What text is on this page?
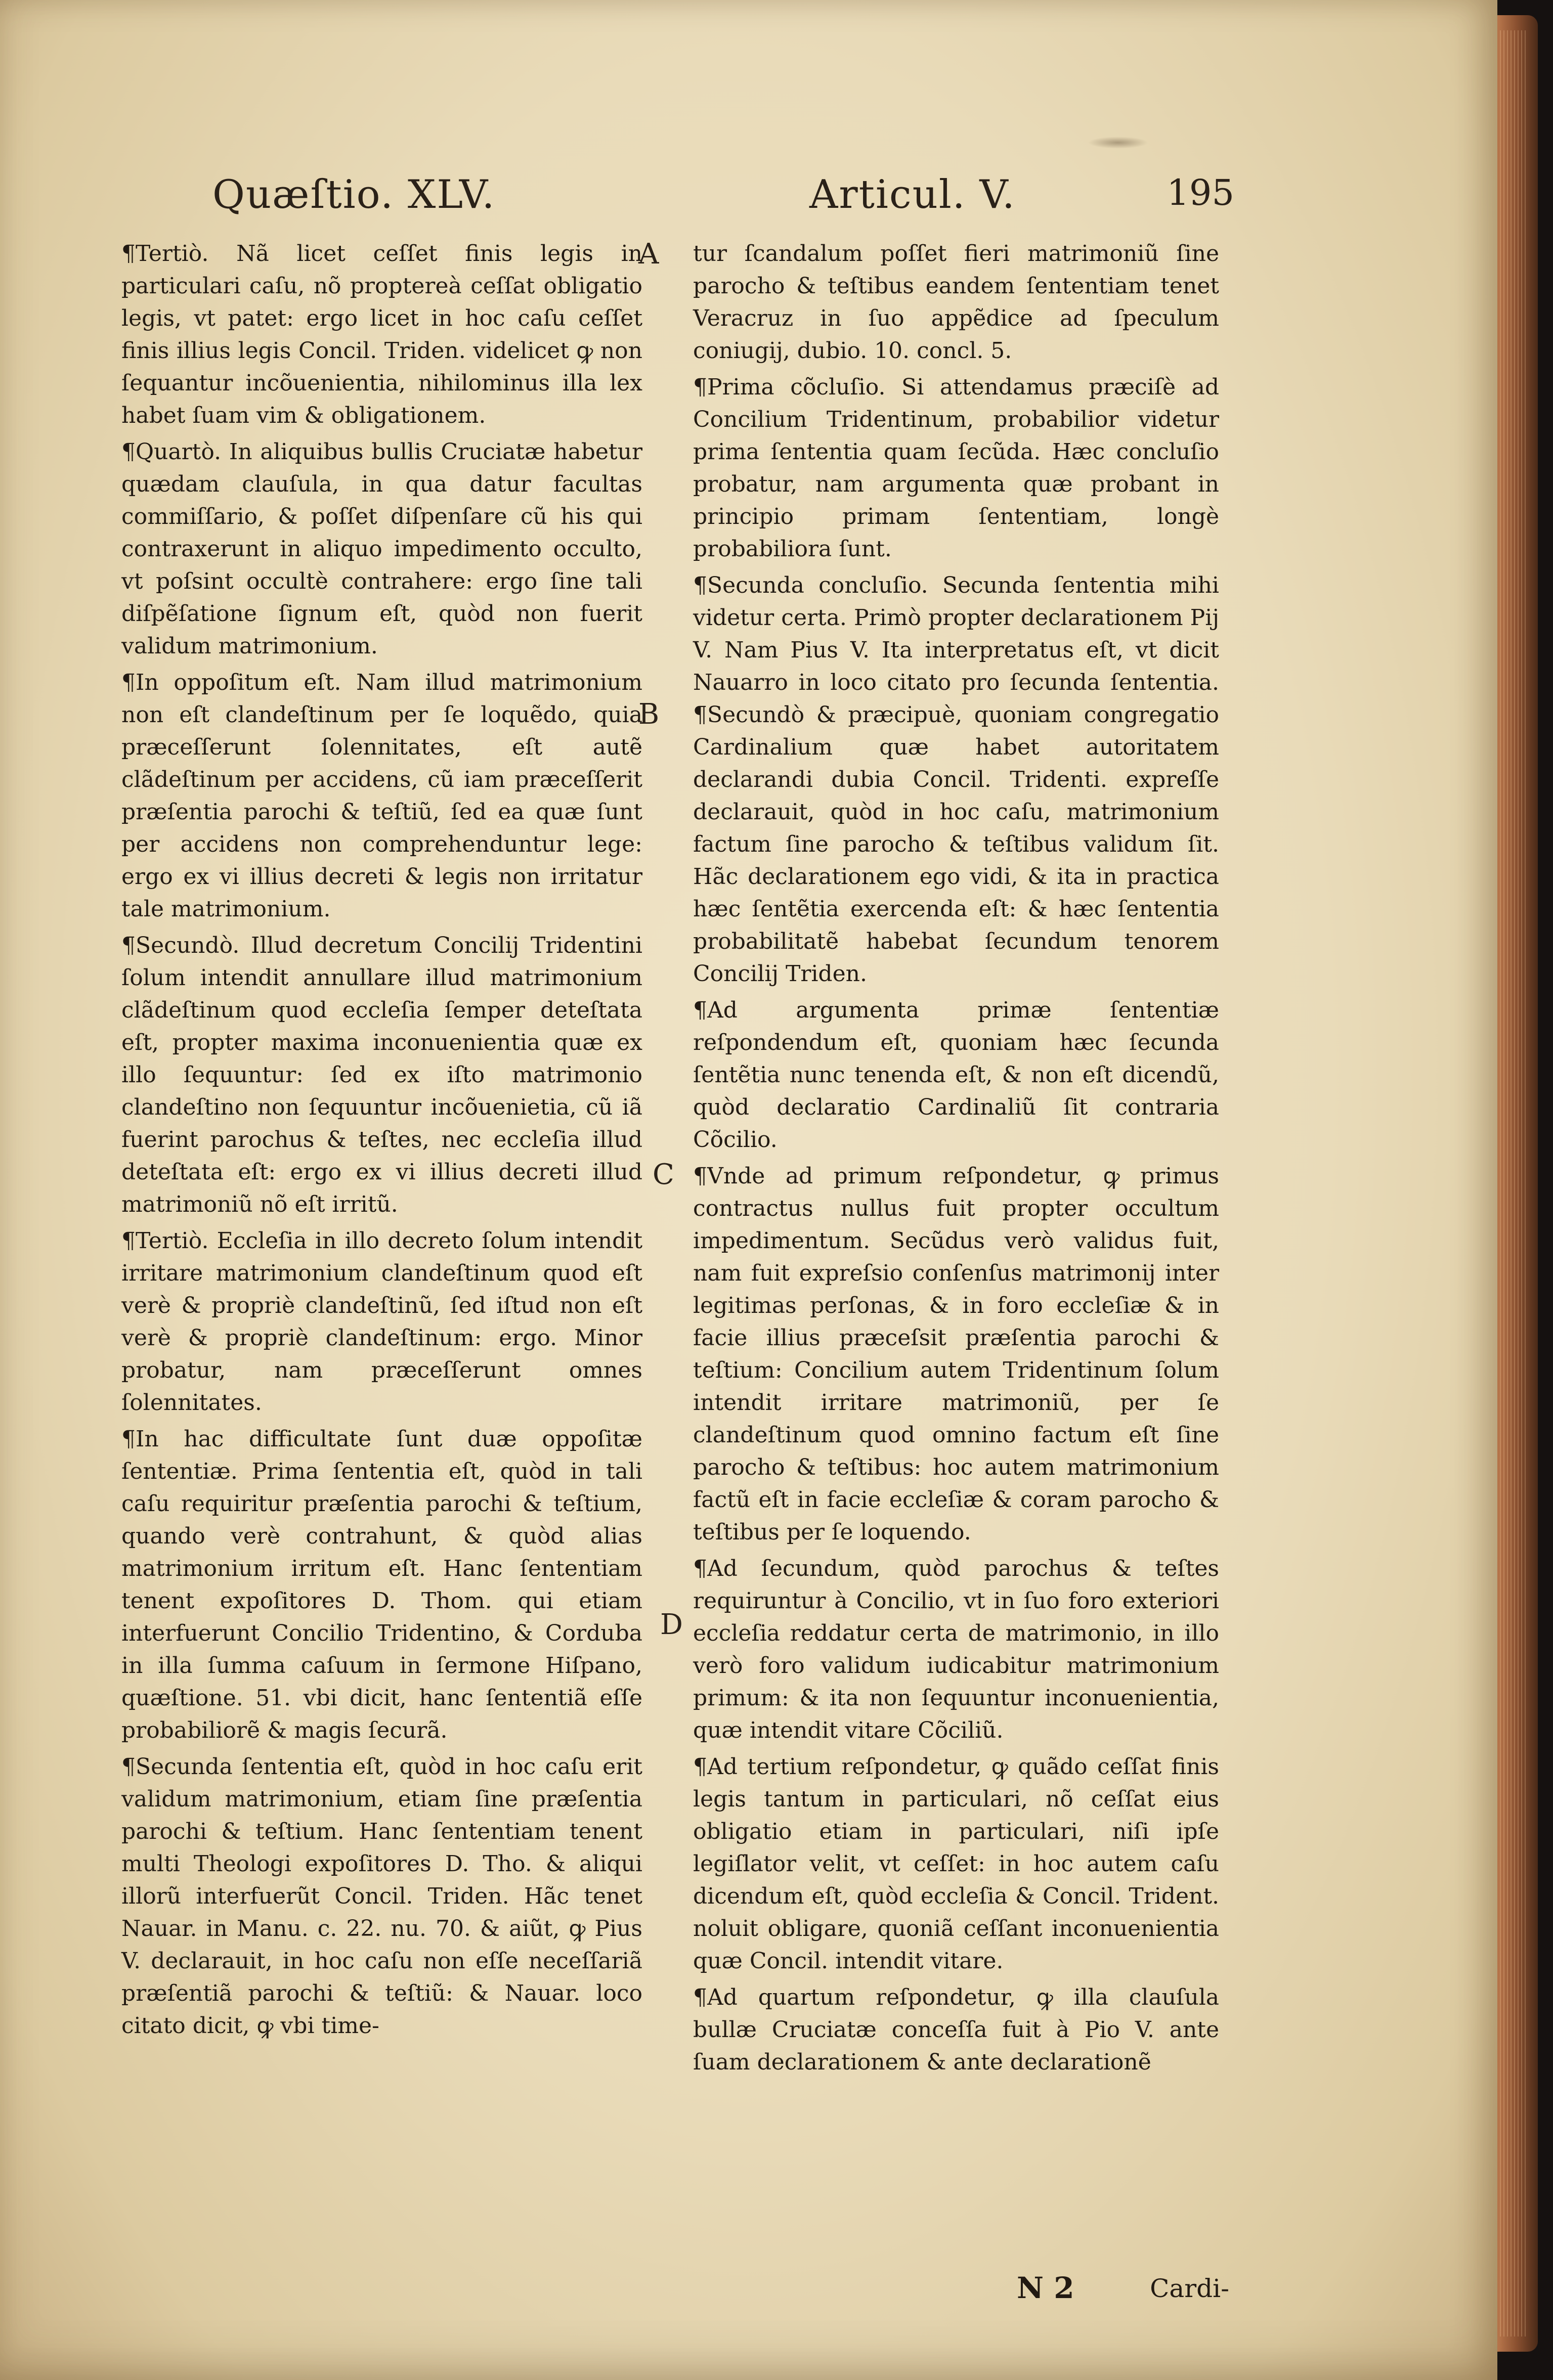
Quæſtio. XLV.	Articul. V.	195

¶Tertiò. Nã licet ceſſet finis legis in particulari caſu, nõ proptereà ceſſat obligatio legis, vt patet: ergo licet in hoc caſu ceſſet finis illius legis Concil. Triden. videlicet ꝙ non ſequantur incõuenientia, nihilominus illa lex habet ſuam vim & obligationem.

¶Quartò. In aliquibus bullis Cruciatæ habetur quædam clauſula, in qua datur facultas commiſſario, & poſſet diſpenſare cũ his qui contraxerunt in aliquo impedimento occulto, vt poſsint occultè contrahere: ergo ſine tali diſpẽſatione ſignum eſt, quòd non fuerit validum matrimonium.

¶In oppoſitum eſt. Nam illud matrimonium non eſt clandeſtinum per ſe loquẽdo, quia præceſſerunt ſolennitates, eſt autẽ clãdeſtinum per accidens, cũ iam præceſſerit præſentia parochi & teſtiũ, ſed ea quæ ſunt per accidens non comprehenduntur lege: ergo ex vi illius decreti & legis non irritatur tale matrimonium.

¶Secundò. Illud decretum Concilij Tridentini ſolum intendit annullare illud matrimonium clãdeſtinum quod eccleſia ſemper deteſtata eſt, propter maxima inconuenientia quæ ex illo ſequuntur: ſed ex iſto matrimonio clandeſtino non ſequuntur incõuenietia, cũ iã fuerint parochus & teſtes, nec eccleſia illud deteſtata eſt: ergo ex vi illius decreti illud matrimoniũ nõ eſt irritũ.

¶Tertiò. Eccleſia in illo decreto ſolum intendit irritare matrimonium clandeſtinum quod eſt verè & propriè clandeſtinũ, ſed iſtud non eſt verè & propriè clandeſtinum: ergo. Minor probatur, nam præceſſerunt omnes ſolennitates.

¶In hac difficultate ſunt duæ oppoſitæ ſententiæ. Prima ſententia eſt, quòd in tali caſu requiritur præſentia parochi & teſtium, quando verè contrahunt, & quòd alias matrimonium irritum eſt. Hanc ſententiam tenent expoſitores D. Thom. qui etiam interfuerunt Concilio Tridentino, & Corduba in illa ſumma caſuum in ſermone Hiſpano, quæſtione. 51. vbi dicit, hanc ſententiã eſſe probabiliorẽ & magis ſecurã.

¶Secunda ſententia eſt, quòd in hoc caſu erit validum matrimonium, etiam ſine præſentia parochi & teſtium. Hanc ſententiam tenent multi Theologi expoſitores D. Tho. & aliqui illorũ interfuerũt Concil. Triden. Hãc tenet Nauar. in Manu. c. 22. nu. 70. & aiũt, ꝙ Pius V. declarauit, in hoc caſu non eſſe neceſſariã præſentiã parochi & teſtiũ: & Nauar. loco citato dicit, ꝙ vbi time-

A
B
C
D

tur ſcandalum poſſet fieri matrimoniũ ſine parocho & teſtibus eandem ſententiam tenet Veracruz in ſuo appẽdice ad ſpeculum coniugij, dubio. 10. concl. 5.

¶Prima cõcluſio. Si attendamus præciſè ad Concilium Tridentinum, probabilior videtur prima ſententia quam ſecũda. Hæc concluſio probatur, nam argumenta quæ probant in principio primam ſententiam, longè probabiliora ſunt.

¶Secunda concluſio. Secunda ſententia mihi videtur certa. Primò propter declarationem Pij V. Nam Pius V. Ita interpretatus eſt, vt dicit Nauarro in loco citato pro ſecunda ſententia. ¶Secundò & præcipuè, quoniam congregatio Cardinalium quæ habet autoritatem declarandi dubia Concil. Tridenti. expreſſe declarauit, quòd in hoc caſu, matrimonium factum ſine parocho & teſtibus validum ſit. Hãc declarationem ego vidi, & ita in practica hæc ſentẽtia exercenda eſt: & hæc ſententia probabilitatẽ habebat ſecundum tenorem Concilij Triden.

¶Ad argumenta primæ ſententiæ reſpondendum eſt, quoniam hæc ſecunda ſentẽtia nunc tenenda eſt, & non eſt dicendũ, quòd declaratio Cardinaliũ ſit contraria Cõcilio.

¶Vnde ad primum reſpondetur, ꝙ primus contractus nullus fuit propter occultum impedimentum. Secũdus verò validus fuit, nam fuit expreſsio conſenſus matrimonij inter legitimas perſonas, & in foro eccleſiæ & in facie illius præceſsit præſentia parochi & teſtium: Concilium autem Tridentinum ſolum intendit irritare matrimoniũ, per ſe clandeſtinum quod omnino factum eſt ſine parocho & teſtibus: hoc autem matrimonium factũ eſt in facie eccleſiæ & coram parocho & teſtibus per ſe loquendo.

¶Ad ſecundum, quòd parochus & teſtes requiruntur à Concilio, vt in ſuo foro exteriori eccleſia reddatur certa de matrimonio, in illo verò foro validum iudicabitur matrimonium primum: & ita non ſequuntur inconuenientia, quæ intendit vitare Cõciliũ.

¶Ad tertium reſpondetur, ꝙ quãdo ceſſat finis legis tantum in particulari, nõ ceſſat eius obligatio etiam in particulari, niſi ipſe legiſlator velit, vt ceſſet: in hoc autem caſu dicendum eſt, quòd eccleſia & Concil. Trident. noluit obligare, quoniã ceſſant inconuenientia quæ Concil. intendit vitare.

¶Ad quartum reſpondetur, ꝙ illa clauſula bullæ Cruciatæ conceſſa fuit à Pio V. ante ſuam declarationem & ante declarationẽ

N 2	Cardi-
